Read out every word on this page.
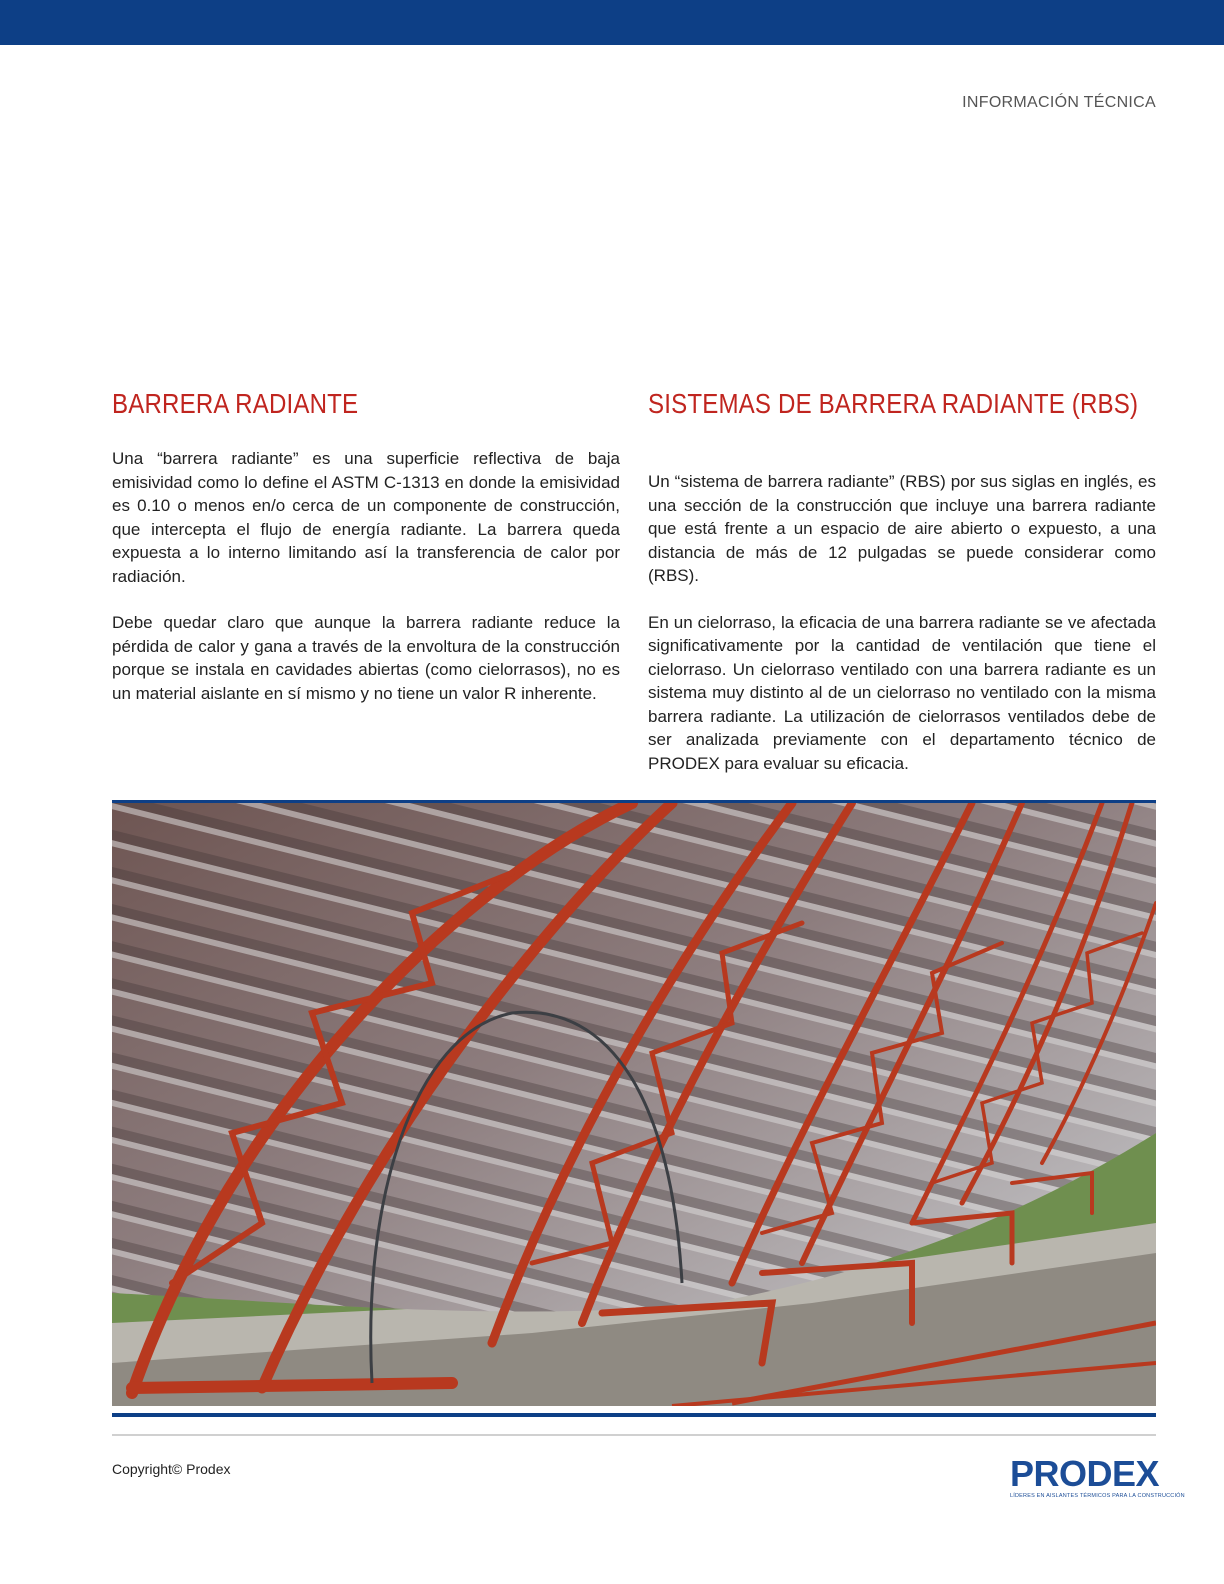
INFORMACIÓN TÉCNICA
BARRERA RADIANTE	SISTEMAS DE BARRERA RADIANTE (RBS)

Una “barrera radiante” es una superficie reflectiva de baja emisividad como lo define el ASTM C-1313 en donde la emisividad es 0.10 o menos en/o cerca de un componente de construcción, que intercepta el flujo de energía radiante. La barrera queda expuesta a lo interno limitando así la transferencia de calor por radiación.

Debe quedar claro que aunque la barrera radiante reduce la pérdida de calor y gana a través de la envoltura de la construcción porque se instala en cavidades abiertas (como cielorrasos), no es un material aislante en sí mismo y no tiene un valor R inherente.

Un “sistema de barrera radiante” (RBS) por sus siglas en inglés, es una sección de la construcción que incluye una barrera radiante que está frente a un espacio de aire abierto o expuesto, a una distancia de más de 12 pulgadas se puede considerar como (RBS).

En un cielorraso, la eficacia de una barrera radiante se ve afectada significativamente por la cantidad de ventilación que tiene el cielorraso. Un cielorraso ventilado con una barrera radiante es un sistema muy distinto al de un cielorraso no ventilado con la misma barrera radiante. La utilización de cielorrasos ventilados debe de ser analizada previamente con el departamento técnico de PRODEX para evaluar su eficacia.

Copyright© Prodex	PRODEX
LÍDERES EN AISLANTES TÉRMICOS PARA LA CONSTRUCCIÓN
